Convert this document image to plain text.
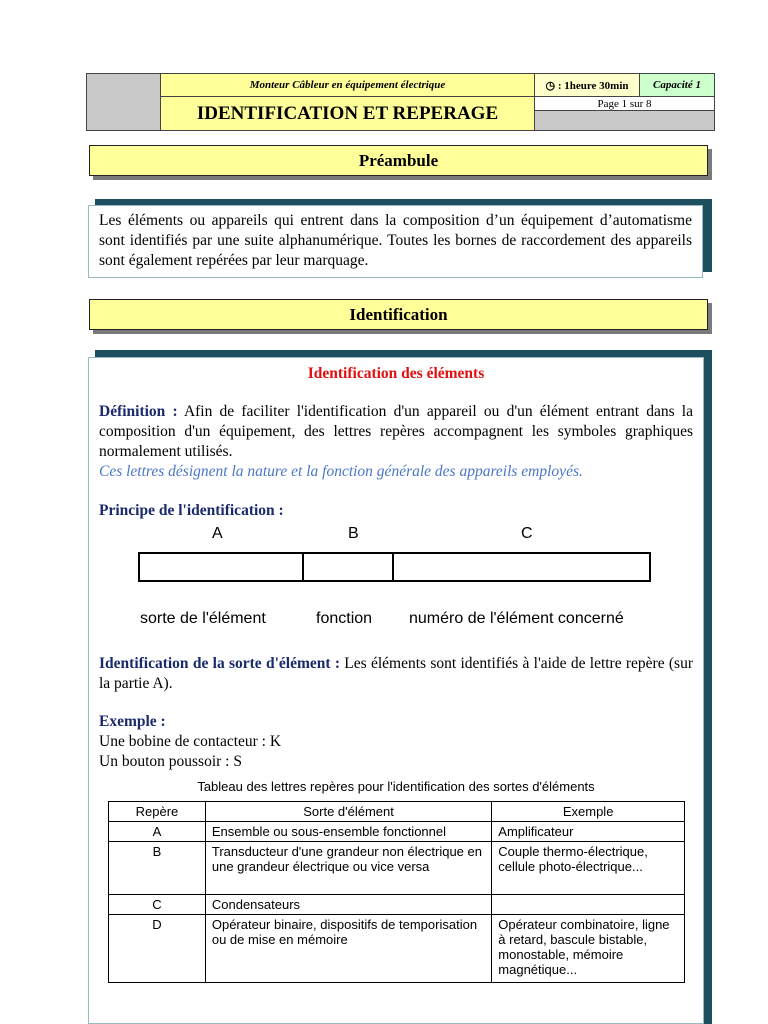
Monteur Câbleur en équipement électrique	◷ : 1heure 30min	Capacité 1
IDENTIFICATION ET REPERAGE	Page 1 sur 8
Préambule
Les éléments ou appareils qui entrent dans la composition d’un équipement d’automatisme sont identifiés par une suite alphanumérique. Toutes les bornes de raccordement des appareils sont également repérées par leur marquage.
Identification
Identification des éléments
Définition : Afin de faciliter l'identification d'un appareil ou d'un élément entrant dans la composition d'un équipement, des lettres repères accompagnent les symboles graphiques normalement utilisés.
Ces lettres désignent la nature et la fonction générale des appareils employés.
Principe de l'identification :
A	B	C
sorte de l'élément	fonction numéro de l'élément concerné
Identification de la sorte d'élément : Les éléments sont identifiés à l'aide de lettre repère (sur la partie A).
Exemple :
Une bobine de contacteur : K
Un bouton poussoir : S
Tableau des lettres repères pour l'identification des sortes d'éléments
Repère	Sorte d'élément	Exemple
A	Ensemble ou sous-ensemble fonctionnel	Amplificateur
B	Transducteur d'une grandeur non électrique en une grandeur électrique ou vice versa	Couple thermo-électrique, cellule photo-électrique...
C	Condensateurs	
D	Opérateur binaire, dispositifs de temporisation ou de mise en mémoire	Opérateur combinatoire, ligne à retard, bascule bistable, monostable, mémoire magnétique...
